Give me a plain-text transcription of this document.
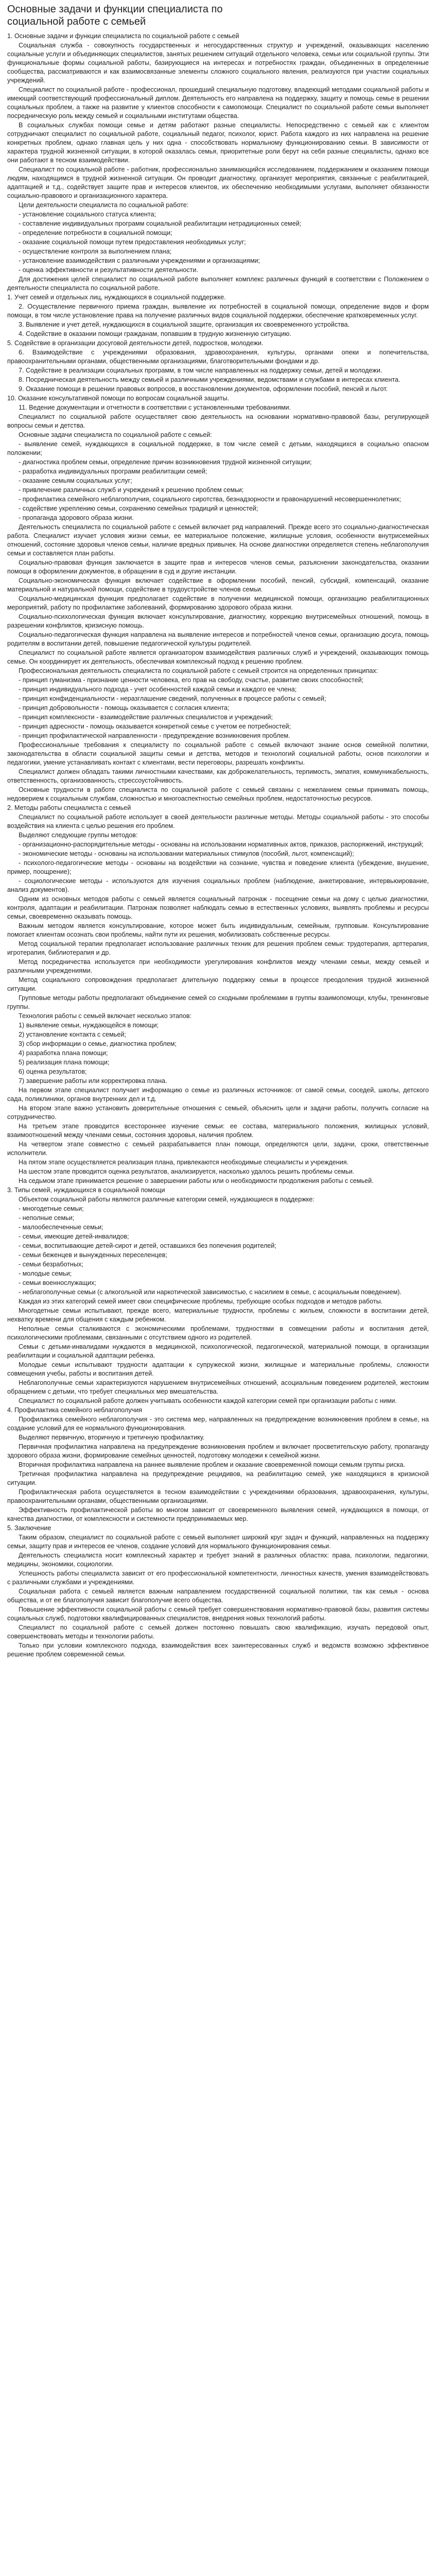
Основные задачи и функции специалиста по социальной работе с семьей

1. Основные задачи и функции специалиста по социальной работе с семьей

Социальная служба - совокупность государственных и негосударственных структур и учреждений, оказывающих населению социальные услуги и объединяющих специалистов, занятых решением ситуаций отдельного человека, семьи или социальной группы. Эти функциональные формы социальной работы, базирующиеся на интересах и потребностях граждан, объединенных в определенные сообщества, рассматриваются и как взаимосвязанные элементы сложного социального явления, реализуются при участии социальных учреждений.

Специалист по социальной работе - профессионал, прошедший специальную подготовку, владеющий методами социальной работы и имеющий соответствующий профессиональный диплом. Деятельность его направлена на поддержку, защиту и помощь семье в решении социальных проблем, а также на развитие у клиентов способности к самопомощи. Специалист по социальной работе семьи выполняет посредническую роль между семьей и социальными институтами общества.

В социальных службах помощи семье и детям работают разные специалисты. Непосредственно с семьей как с клиентом сотрудничают специалист по социальной работе, социальный педагог, психолог, юрист. Работа каждого из них направлена на решение конкретных проблем, однако главная цель у них одна - способствовать нормальному функционированию семьи. В зависимости от характера трудной жизненной ситуации, в которой оказалась семья, приоритетные роли берут на себя разные специалисты, однако все они работают в тесном взаимодействии.

Специалист по социальной работе - работник, профессионально занимающийся исследованием, поддержанием и оказанием помощи людям, находящимся в трудной жизненной ситуации. Он проводит диагностику, организует мероприятия, связанные с реабилитацией, адаптацией и т.д., содействует защите прав и интересов клиентов, их обеспечению необходимыми услугами, выполняет обязанности социально-правового и организационного характера.

Цели деятельности специалиста по социальной работе:

- установление социального статуса клиента;

- составление индивидуальных программ социальной реабилитации нетрадиционных семей;

- определение потребности в социальной помощи;

- оказание социальной помощи путем предоставления необходимых услуг;

- осуществление контроля за выполнением плана;

- установление взаимодействия с различными учреждениями и организациями;

- оценка эффективности и результативности деятельности.

Для достижения целей специалист по социальной работе выполняет комплекс различных функций в соответствии с Положением о деятельности специалиста по социальной работе.

1. Учет семей и отдельных лиц, нуждающихся в социальной поддержке.

2. Осуществление первичного приема граждан, выявление их потребностей в социальной помощи, определение видов и форм помощи, в том числе установление права на получение различных видов социальной поддержки, обеспечение кратковременных услуг.

3. Выявление и учет детей, нуждающихся в социальной защите, организация их своевременного устройства.

4. Содействие в оказании помощи гражданам, попавшим в трудную жизненную ситуацию.

5. Содействие в организации досуговой деятельности детей, подростков, молодежи.

6. Взаимодействие с учреждениями образования, здравоохранения, культуры, органами опеки и попечительства, правоохранительными органами, общественными организациями, благотворительными фондами и др.

7. Содействие в реализации социальных программ, в том числе направленных на поддержку семьи, детей и молодежи.

8. Посредническая деятельность между семьей и различными учреждениями, ведомствами и службами в интересах клиента.

9. Оказание помощи в решении правовых вопросов, в восстановлении документов, оформлении пособий, пенсий и льгот.

10. Оказание консультативной помощи по вопросам социальной защиты.

11. Ведение документации и отчетности в соответствии с установленными требованиями.

Специалист по социальной работе осуществляет свою деятельность на основании нормативно-правовой базы, регулирующей вопросы семьи и детства.

Основные задачи специалиста по социальной работе с семьей:

- выявление семей, нуждающихся в социальной поддержке, в том числе семей с детьми, находящихся в социально опасном положении;

- диагностика проблем семьи, определение причин возникновения трудной жизненной ситуации;

- разработка индивидуальных программ реабилитации семей;

- оказание семьям социальных услуг;

- привлечение различных служб и учреждений к решению проблем семьи;

- профилактика семейного неблагополучия, социального сиротства, безнадзорности и правонарушений несовершеннолетних;

- содействие укреплению семьи, сохранению семейных традиций и ценностей;

- пропаганда здорового образа жизни.

Деятельность специалиста по социальной работе с семьей включает ряд направлений. Прежде всего это социально-диагностическая работа. Специалист изучает условия жизни семьи, ее материальное положение, жилищные условия, особенности внутрисемейных отношений, состояние здоровья членов семьи, наличие вредных привычек. На основе диагностики определяется степень неблагополучия семьи и составляется план работы.

Социально-правовая функция заключается в защите прав и интересов членов семьи, разъяснении законодательства, оказании помощи в оформлении документов, в обращении в суд и другие инстанции.

Социально-экономическая функция включает содействие в оформлении пособий, пенсий, субсидий, компенсаций, оказание материальной и натуральной помощи, содействие в трудоустройстве членов семьи.

Социально-медицинская функция предполагает содействие в получении медицинской помощи, организацию реабилитационных мероприятий, работу по профилактике заболеваний, формированию здорового образа жизни.

Социально-психологическая функция включает консультирование, диагностику, коррекцию внутрисемейных отношений, помощь в разрешении конфликтов, кризисную помощь.

Социально-педагогическая функция направлена на выявление интересов и потребностей членов семьи, организацию досуга, помощь родителям в воспитании детей, повышение педагогической культуры родителей.

Специалист по социальной работе является организатором взаимодействия различных служб и учреждений, оказывающих помощь семье. Он координирует их деятельность, обеспечивая комплексный подход к решению проблем.

Профессиональная деятельность специалиста по социальной работе с семьей строится на определенных принципах:

- принцип гуманизма - признание ценности человека, его прав на свободу, счастье, развитие своих способностей;

- принцип индивидуального подхода - учет особенностей каждой семьи и каждого ее члена;

- принцип конфиденциальности - неразглашение сведений, полученных в процессе работы с семьей;

- принцип добровольности - помощь оказывается с согласия клиента;

- принцип комплексности - взаимодействие различных специалистов и учреждений;

- принцип адресности - помощь оказывается конкретной семье с учетом ее потребностей;

- принцип профилактической направленности - предупреждение возникновения проблем.

Профессиональные требования к специалисту по социальной работе с семьей включают знание основ семейной политики, законодательства в области социальной защиты семьи и детства, методов и технологий социальной работы, основ психологии и педагогики, умение устанавливать контакт с клиентами, вести переговоры, разрешать конфликты.

Специалист должен обладать такими личностными качествами, как доброжелательность, терпимость, эмпатия, коммуникабельность, ответственность, организованность, стрессоустойчивость.

Основные трудности в работе специалиста по социальной работе с семьей связаны с нежеланием семьи принимать помощь, недоверием к социальным службам, сложностью и многоаспектностью семейных проблем, недостаточностью ресурсов.

2. Методы работы специалиста с семьей

Специалист по социальной работе использует в своей деятельности различные методы. Методы социальной работы - это способы воздействия на клиента с целью решения его проблем.

Выделяют следующие группы методов:

- организационно-распорядительные методы - основаны на использовании нормативных актов, приказов, распоряжений, инструкций;

- экономические методы - основаны на использовании материальных стимулов (пособий, льгот, компенсаций);

- психолого-педагогические методы - основаны на воздействии на сознание, чувства и поведение клиента (убеждение, внушение, пример, поощрение);

- социологические методы - используются для изучения социальных проблем (наблюдение, анкетирование, интервьюирование, анализ документов).

Одним из основных методов работы с семьей является социальный патронаж - посещение семьи на дому с целью диагностики, контроля, адаптации и реабилитации. Патронаж позволяет наблюдать семью в естественных условиях, выявлять проблемы и ресурсы семьи, своевременно оказывать помощь.

Важным методом является консультирование, которое может быть индивидуальным, семейным, групповым. Консультирование помогает клиентам осознать свои проблемы, найти пути их решения, мобилизовать собственные ресурсы.

Метод социальной терапии предполагает использование различных техник для решения проблем семьи: трудотерапия, арттерапия, игротерапия, библиотерапия и др.

Метод посредничества используется при необходимости урегулирования конфликтов между членами семьи, между семьей и различными учреждениями.

Метод социального сопровождения предполагает длительную поддержку семьи в процессе преодоления трудной жизненной ситуации.

Групповые методы работы предполагают объединение семей со сходными проблемами в группы взаимопомощи, клубы, тренинговые группы.

Технология работы с семьей включает несколько этапов:

1) выявление семьи, нуждающейся в помощи;

2) установление контакта с семьей;

3) сбор информации о семье, диагностика проблем;

4) разработка плана помощи;

5) реализация плана помощи;

6) оценка результатов;

7) завершение работы или корректировка плана.

На первом этапе специалист получает информацию о семье из различных источников: от самой семьи, соседей, школы, детского сада, поликлиники, органов внутренних дел и т.д.

На втором этапе важно установить доверительные отношения с семьей, объяснить цели и задачи работы, получить согласие на сотрудничество.

На третьем этапе проводится всестороннее изучение семьи: ее состава, материального положения, жилищных условий, взаимоотношений между членами семьи, состояния здоровья, наличия проблем.

На четвертом этапе совместно с семьей разрабатывается план помощи, определяются цели, задачи, сроки, ответственные исполнители.

На пятом этапе осуществляется реализация плана, привлекаются необходимые специалисты и учреждения.

На шестом этапе проводится оценка результатов, анализируется, насколько удалось решить проблемы семьи.

На седьмом этапе принимается решение о завершении работы или о необходимости продолжения работы с семьей.

3. Типы семей, нуждающихся в социальной помощи

Объектом социальной работы являются различные категории семей, нуждающиеся в поддержке:

- многодетные семьи;

- неполные семьи;

- малообеспеченные семьи;

- семьи, имеющие детей-инвалидов;

- семьи, воспитывающие детей-сирот и детей, оставшихся без попечения родителей;

- семьи беженцев и вынужденных переселенцев;

- семьи безработных;

- молодые семьи;

- семьи военнослужащих;

- неблагополучные семьи (с алкогольной или наркотической зависимостью, с насилием в семье, с асоциальным поведением).

Каждая из этих категорий семей имеет свои специфические проблемы, требующие особых подходов и методов работы.

Многодетные семьи испытывают, прежде всего, материальные трудности, проблемы с жильем, сложности в воспитании детей, нехватку времени для общения с каждым ребенком.

Неполные семьи сталкиваются с экономическими проблемами, трудностями в совмещении работы и воспитания детей, психологическими проблемами, связанными с отсутствием одного из родителей.

Семьи с детьми-инвалидами нуждаются в медицинской, психологической, педагогической, материальной помощи, в организации реабилитации и социальной адаптации ребенка.

Молодые семьи испытывают трудности адаптации к супружеской жизни, жилищные и материальные проблемы, сложности совмещения учебы, работы и воспитания детей.

Неблагополучные семьи характеризуются нарушением внутрисемейных отношений, асоциальным поведением родителей, жестоким обращением с детьми, что требует специальных мер вмешательства.

Специалист по социальной работе должен учитывать особенности каждой категории семей при организации работы с ними.

4. Профилактика семейного неблагополучия

Профилактика семейного неблагополучия - это система мер, направленных на предупреждение возникновения проблем в семье, на создание условий для ее нормального функционирования.

Выделяют первичную, вторичную и третичную профилактику.

Первичная профилактика направлена на предупреждение возникновения проблем и включает просветительскую работу, пропаганду здорового образа жизни, формирование семейных ценностей, подготовку молодежи к семейной жизни.

Вторичная профилактика направлена на раннее выявление проблем и оказание своевременной помощи семьям группы риска.

Третичная профилактика направлена на предупреждение рецидивов, на реабилитацию семей, уже находящихся в кризисной ситуации.

Профилактическая работа осуществляется в тесном взаимодействии с учреждениями образования, здравоохранения, культуры, правоохранительными органами, общественными организациями.

Эффективность профилактической работы во многом зависит от своевременного выявления семей, нуждающихся в помощи, от качества диагностики, от комплексности и системности предпринимаемых мер.

5. Заключение

Таким образом, специалист по социальной работе с семьей выполняет широкий круг задач и функций, направленных на поддержку семьи, защиту прав и интересов ее членов, создание условий для нормального функционирования семьи.

Деятельность специалиста носит комплексный характер и требует знаний в различных областях: права, психологии, педагогики, медицины, экономики, социологии.

Успешность работы специалиста зависит от его профессиональной компетентности, личностных качеств, умения взаимодействовать с различными службами и учреждениями.

Социальная работа с семьей является важным направлением государственной социальной политики, так как семья - основа общества, и от ее благополучия зависит благополучие всего общества.

Повышение эффективности социальной работы с семьей требует совершенствования нормативно-правовой базы, развития системы социальных служб, подготовки квалифицированных специалистов, внедрения новых технологий работы.

Специалист по социальной работе с семьей должен постоянно повышать свою квалификацию, изучать передовой опыт, совершенствовать методы и технологии работы.

Только при условии комплексного подхода, взаимодействия всех заинтересованных служб и ведомств возможно эффективное решение проблем современной семьи.
